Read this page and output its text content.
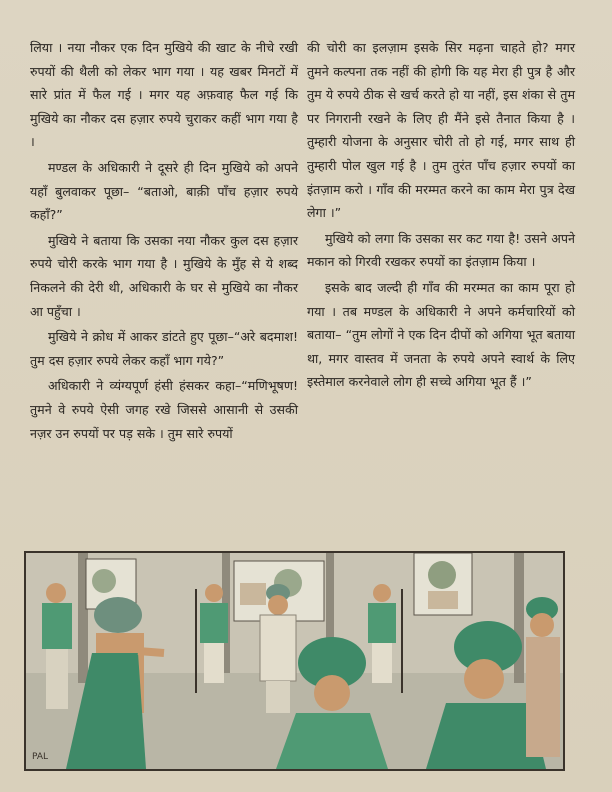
लिया । नया नौकर एक दिन मुखिये की खाट के नीचे रखी रुपयों की थैली को लेकर भाग गया । यह खबर मिनटों में सारे प्रांत में फैल गई । मगर यह अफ़वाह फैल गई कि मुखिये का नौकर दस हज़ार रुपये चुराकर कहीं भाग गया है ।

मण्डल के अधिकारी ने दूसरे ही दिन मुखिये को अपने यहाँ बुलवाकर पूछा– “बताओ, बाक़ी पाँच हज़ार रुपये कहाँ?”

मुखिये ने बताया कि उसका नया नौकर कुल दस हज़ार रुपये चोरी करके भाग गया है । मुखिये के मुँह से ये शब्द निकलने की देरी थी, अधिकारी के घर से मुखिये का नौकर आ पहुँचा ।

मुखिये ने क्रोध में आकर डांटते हुए पूछा–“अरे बदमाश! तुम दस हज़ार रुपये लेकर कहाँ भाग गये?”

अधिकारी ने व्यंग्यपूर्ण हंसी हंसकर कहा–“मणिभूषण! तुमने वे रुपये ऐसी जगह रखे जिससे आसानी से उसकी नज़र उन रुपयों पर पड़ सके । तुम सारे रुपयों

की चोरी का इलज़ाम इसके सिर मढ़ना चाहते हो? मगर तुमने कल्पना तक नहीं की होगी कि यह मेरा ही पुत्र है और तुम ये रुपये ठीक से खर्च करते हो या नहीं, इस शंका से तुम पर निगरानी रखने के लिए ही मैंने इसे तैनात किया है । तुम्हारी योजना के अनुसार चोरी तो हो गई, मगर साथ ही तुम्हारी पोल खुल गई है । तुम तुरंत पाँच हज़ार रुपयों का इंतज़ाम करो । गाँव की मरम्मत करने का काम मेरा पुत्र देख लेगा ।”

मुखिये को लगा कि उसका सर कट गया है! उसने अपने मकान को गिरवी रखकर रुपयों का इंतज़ाम किया ।

इसके बाद जल्दी ही गाँव की मरम्मत का काम पूरा हो गया । तब मण्डल के अधिकारी ने अपने कर्मचारियों को बताया– “तुम लोगों ने एक दिन दीपों को अगिया भूत बताया था, मगर वास्तव में जनता के रुपये अपने स्वार्थ के लिए इस्तेमाल करनेवाले लोग ही सच्चे अगिया भूत हैं ।”

PAL
